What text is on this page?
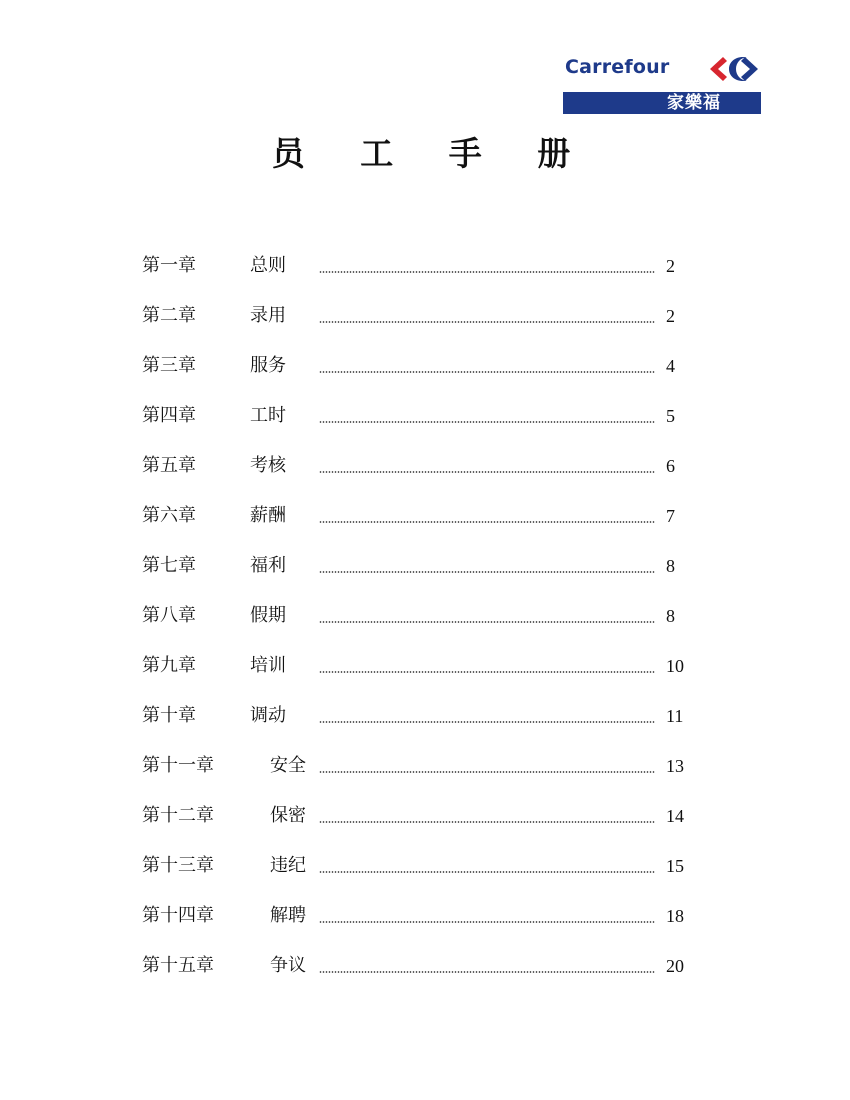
Carrefour
家樂福
员 工 手 册
第一章	总则	2
第二章	录用	2
第三章	服务	4
第四章	工时	5
第五章	考核	6
第六章	薪酬	7
第七章	福利	8
第八章	假期	8
第九章	培训	10
第十章	调动	11
第十一章	安全	13
第十二章	保密	14
第十三章	违纪	15
第十四章	解聘	18
第十五章	争议	20
